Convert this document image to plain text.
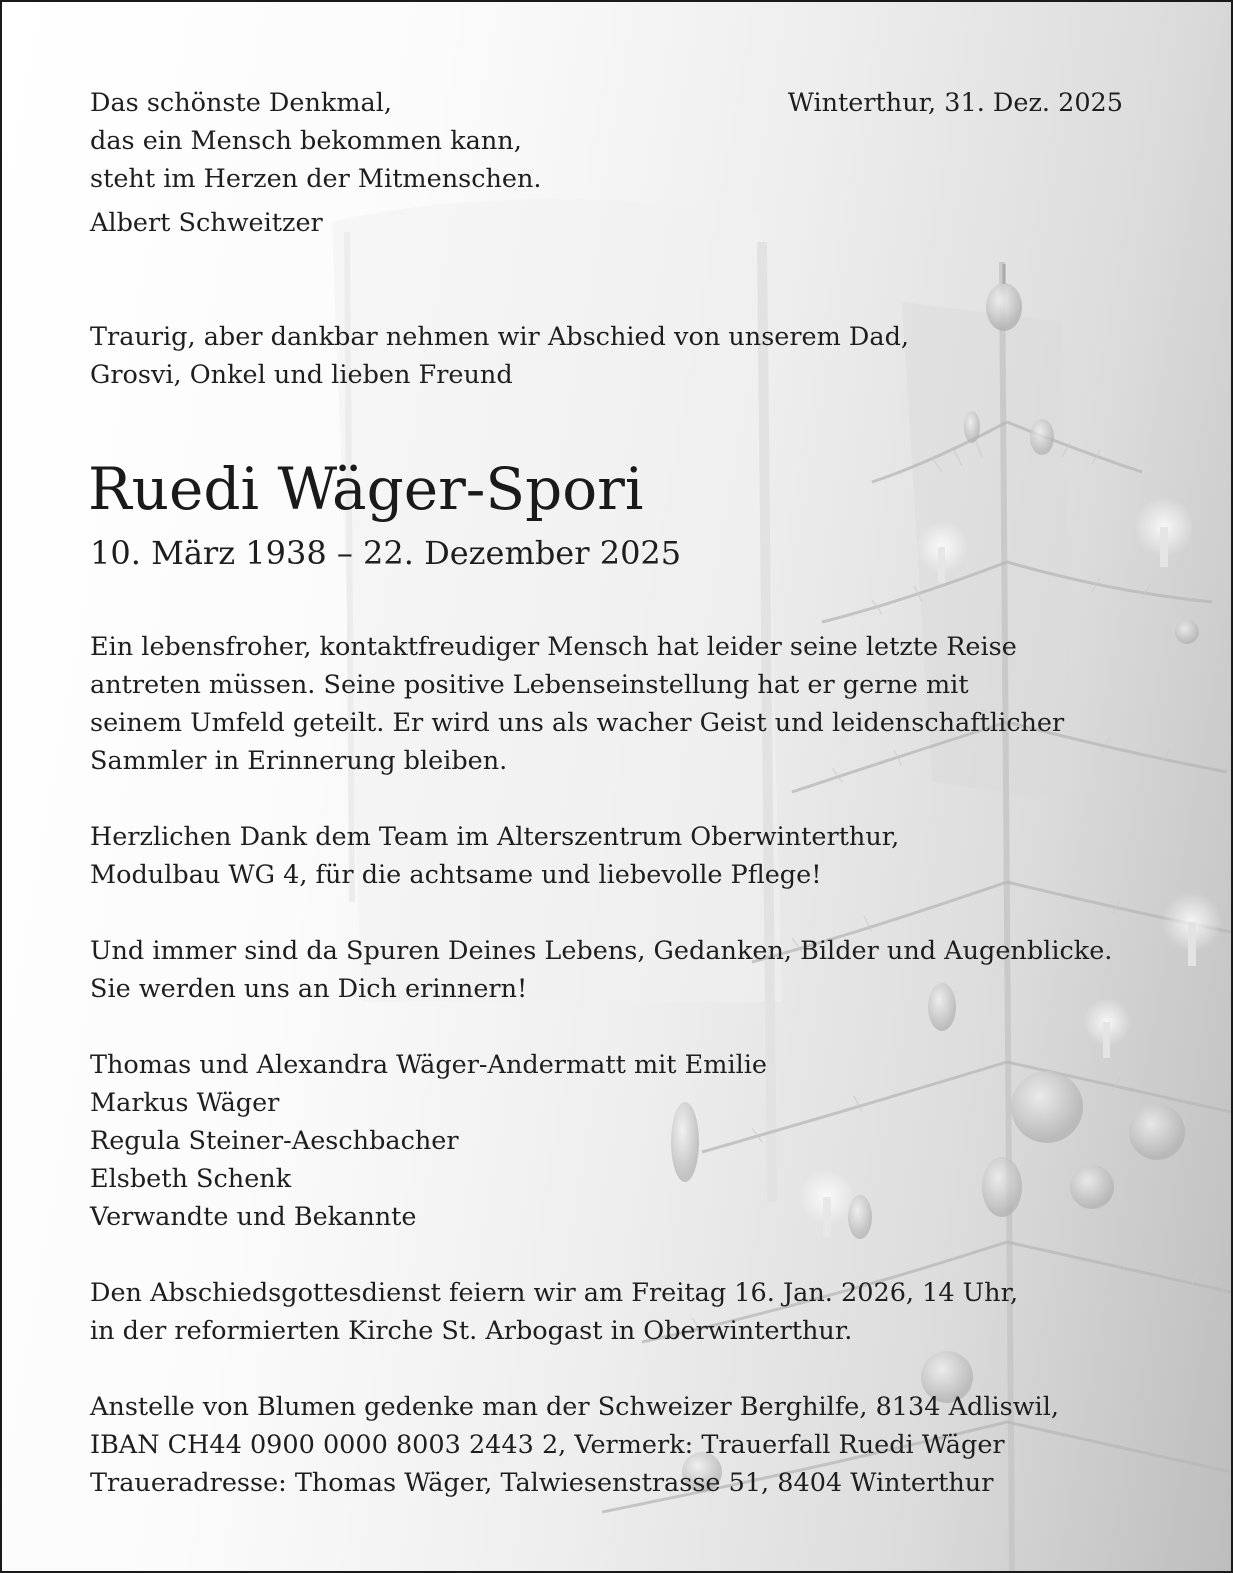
Das schönste Denkmal,
das ein Mensch bekommen kann,
steht im Herzen der Mitmenschen.
Albert Schweitzer
Winterthur, 31. Dez. 2025
Traurig, aber dankbar nehmen wir Abschied von unserem Dad,
Grosvi, Onkel und lieben Freund
Ruedi Wäger-Spori
10. März 1938 – 22. Dezember 2025
Ein lebensfroher, kontaktfreudiger Mensch hat leider seine letzte Reise
antreten müssen. Seine positive Lebenseinstellung hat er gerne mit
seinem Umfeld geteilt. Er wird uns als wacher Geist und leidenschaftlicher
Sammler in Erinnerung bleiben.
Herzlichen Dank dem Team im Alterszentrum Oberwinterthur,
Modulbau WG 4, für die achtsame und liebevolle Pflege!
Und immer sind da Spuren Deines Lebens, Gedanken, Bilder und Augenblicke.
Sie werden uns an Dich erinnern!
Thomas und Alexandra Wäger-Andermatt mit Emilie
Markus Wäger
Regula Steiner-Aeschbacher
Elsbeth Schenk
Verwandte und Bekannte
Den Abschiedsgottesdienst feiern wir am Freitag 16. Jan. 2026, 14 Uhr,
in der reformierten Kirche St. Arbogast in Oberwinterthur.
Anstelle von Blumen gedenke man der Schweizer Berghilfe, 8134 Adliswil,
IBAN CH44 0900 0000 8003 2443 2, Vermerk: Trauerfall Ruedi Wäger
Traueradresse: Thomas Wäger, Talwiesenstrasse 51, 8404 Winterthur
